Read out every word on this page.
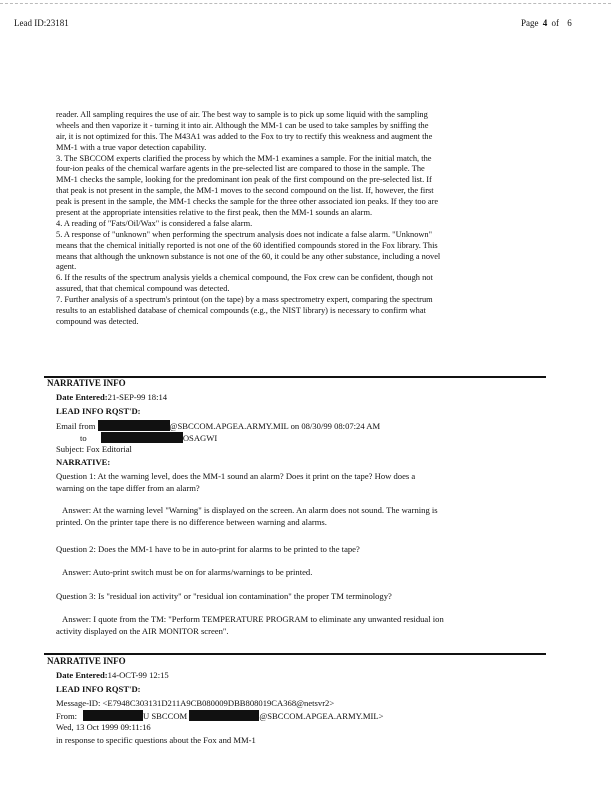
Lead ID:23181	Page 4 of 6
reader. All sampling requires the use of air. The best way to sample is to pick up some liquid with the sampling
wheels and then vaporize it - turning it into air. Although the MM-1 can be used to take samples by sniffing the
air, it is not optimized for this. The M43A1 was added to the Fox to try to rectify this weakness and augment the
MM-1 with a true vapor detection capability.
3. The SBCCOM experts clarified the process by which the MM-1 examines a sample. For the initial match, the
four-ion peaks of the chemical warfare agents in the pre-selected list are compared to those in the sample. The
MM-1 checks the sample, looking for the predominant ion peak of the first compound on the pre-selected list. If
that peak is not present in the sample, the MM-1 moves to the second compound on the list. If, however, the first
peak is present in the sample, the MM-1 checks the sample for the three other associated ion peaks. If they too are
present at the appropriate intensities relative to the first peak, then the MM-1 sounds an alarm.
4. A reading of "Fats/Oil/Wax" is considered a false alarm.
5. A response of "unknown" when performing the spectrum analysis does not indicate a false alarm. "Unknown"
means that the chemical initially reported is not one of the 60 identified compounds stored in the Fox library. This
means that although the unknown substance is not one of the 60, it could be any other substance, including a novel
agent.
6. If the results of the spectrum analysis yields a chemical compound, the Fox crew can be confident, though not
assured, that that chemical compound was detected.
7. Further analysis of a spectrum's printout (on the tape) by a mass spectrometry expert, comparing the spectrum
results to an established database of chemical compounds (e.g., the NIST library) is necessary to confirm what
compound was detected.
NARRATIVE INFO
Date Entered:21-SEP-99 18:14
LEAD INFO RQST'D:
Email from	@SBCCOM.APGEA.ARMY.MIL on 08/30/99 08:07:24 AM
to	OSAGWI
Subject: Fox Editorial
NARRATIVE:
Question 1: At the warning level, does the MM-1 sound an alarm? Does it print on the tape? How does a
warning on the tape differ from an alarm?
Answer: At the warning level "Warning" is displayed on the screen. An alarm does not sound. The warning is
printed. On the printer tape there is no difference between warning and alarms.
Question 2: Does the MM-1 have to be in auto-print for alarms to be printed to the tape?
Answer: Auto-print switch must be on for alarms/warnings to be printed.
Question 3: Is "residual ion activity" or "residual ion contamination" the proper TM terminology?
Answer: I quote from the TM: "Perform TEMPERATURE PROGRAM to eliminate any unwanted residual ion
activity displayed on the AIR MONITOR screen".
NARRATIVE INFO
Date Entered:14-OCT-99 12:15
LEAD INFO RQST'D:
Message-ID: <E7948C303131D211A9CB080009DBB808019CA368@netsvr2>
From:	U SBCCOM	@SBCCOM.APGEA.ARMY.MIL>
Wed, 13 Oct 1999 09:11:16
in response to specific questions about the Fox and MM-1
